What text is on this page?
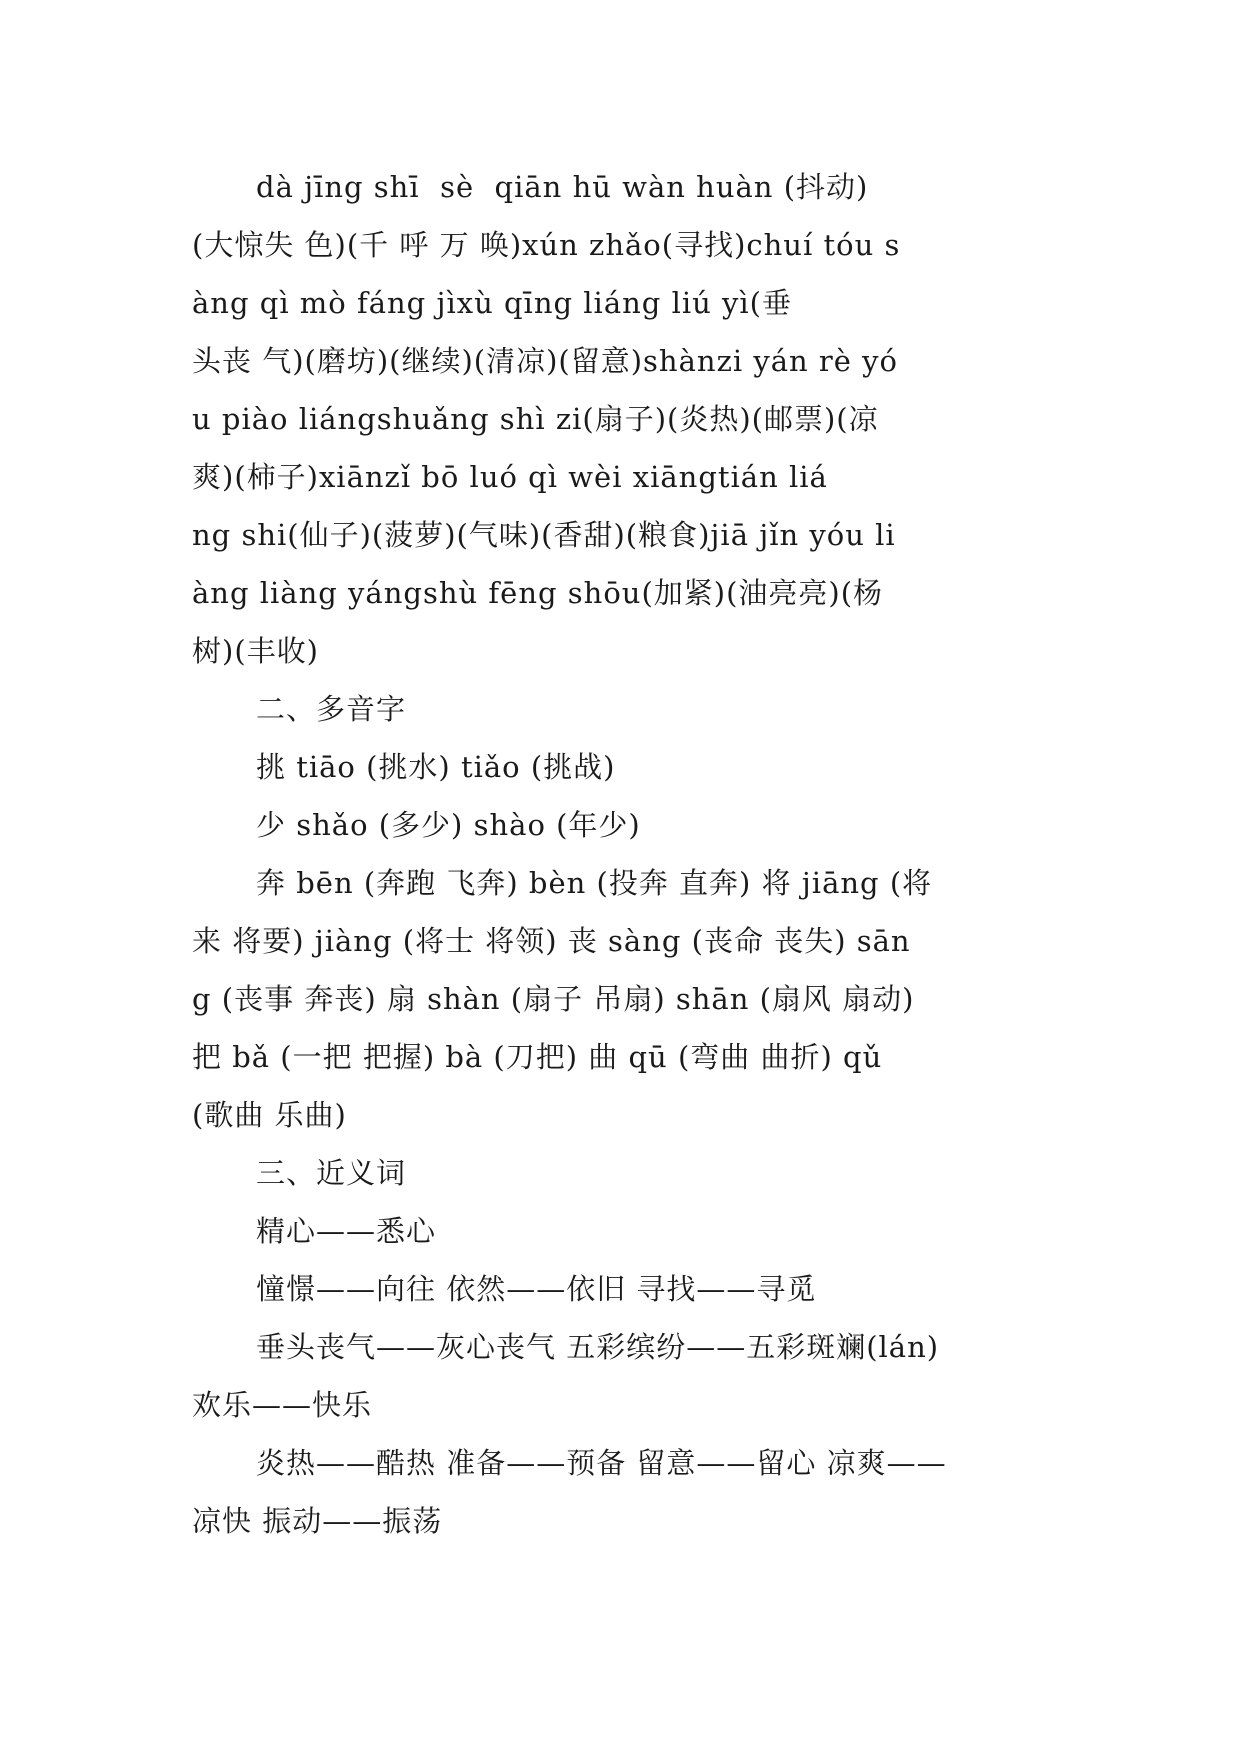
dà jīng shī  sè  qiān hū wàn huàn (抖动)
(大惊失 色)(千 呼 万 唤)xún zhǎo(寻找)chuí tóu s
àng qì mò fáng jìxù qīng liáng liú yì(垂
头丧 气)(磨坊)(继续)(清凉)(留意)shànzi yán rè yó
u piào liángshuǎng shì zi(扇子)(炎热)(邮票)(凉
爽)(柿子)xiānzǐ bō luó qì wèi xiāngtián liá
ng shi(仙子)(菠萝)(气味)(香甜)(粮食)jiā jǐn yóu li
àng liàng yángshù fēng shōu(加紧)(油亮亮)(杨
树)(丰收)
二、多音字
挑 tiāo (挑水) tiǎo (挑战)
少 shǎo (多少) shào (年少)
奔 bēn (奔跑 飞奔) bèn (投奔 直奔) 将 jiāng (将
来 将要) jiàng (将士 将领) 丧 sàng (丧命 丧失) sān
g (丧事 奔丧) 扇 shàn (扇子 吊扇) shān (扇风 扇动)
把 bǎ (一把 把握) bà (刀把) 曲 qū (弯曲 曲折) qǔ
(歌曲 乐曲)
三、近义词
精心——悉心
憧憬——向往 依然——依旧 寻找——寻觅
垂头丧气——灰心丧气 五彩缤纷——五彩斑斓(lán)
欢乐——快乐
炎热——酷热 准备——预备 留意——留心 凉爽——
凉快 振动——振荡
